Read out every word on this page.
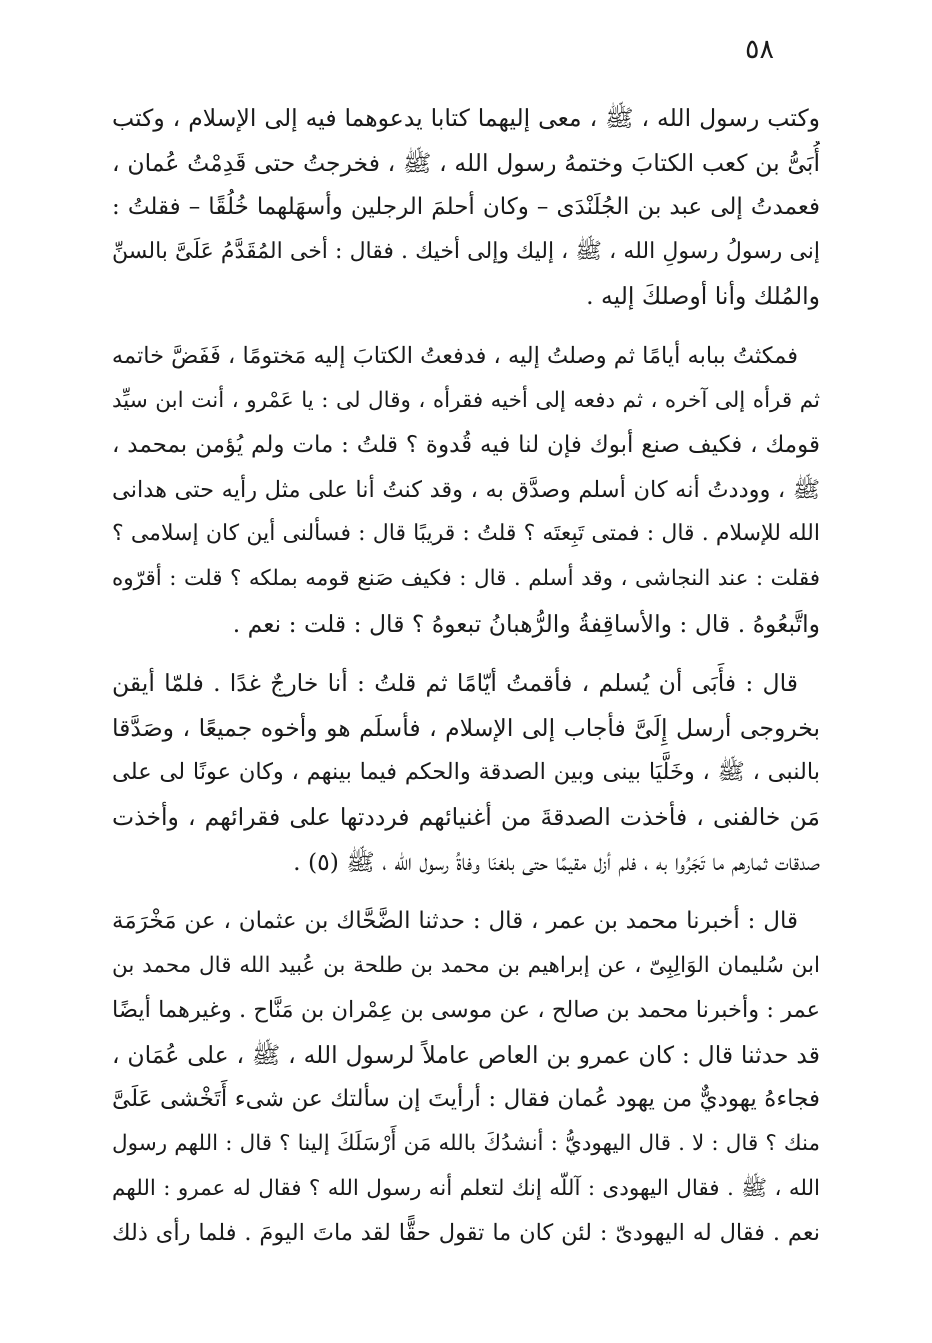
٥٨
وكتب رسول الله ، ﷺ ، معى إليهما كتابا يدعوهما فيه إلى الإسلام ، وكتب
أُبَىُّ بن كعب الكتابَ وختمهُ رسول الله ، ﷺ ، فخرجتُ حتى قَدِمْتُ عُمان ،
فعمدتُ إلى عبد بن الجُلَنْدَى – وكان أحلمَ الرجلين وأسهَلهما خُلُقًا – فقلتُ :
إنى رسولُ رسولِ الله ، ﷺ ، إليك وإلى أخيك . فقال : أخى المُقَدَّمُ عَلَىَّ بالسنِّ
والمُلك وأنا أوصلكَ إليه .
فمكثتُ ببابه أيامًا ثم وصلتُ إليه ، فدفعتُ الكتابَ إليه مَختومًا ، فَفَضَّ خاتمه
ثم قرأه إلى آخره ، ثم دفعه إلى أخيه فقرأه ، وقال لى : يا عَمْرو ، أنت ابن سيِّد
قومك ، فكيف صنع أبوك فإن لنا فيه قُدوة ؟ قلتُ : مات ولم يُؤمن بمحمد ،
ﷺ ، ووددتُ أنه كان أسلم وصدَّق به ، وقد كنتُ أنا على مثل رأيه حتى هدانى
الله للإسلام . قال : فمتى تَبِعتَه ؟ قلتُ : قريبًا قال : فسألنى أين كان إسلامى ؟
فقلت : عند النجاشى ، وقد أسلم . قال : فكيف صَنع قومه بملكه ؟ قلت : أقرّوه
واتَّبعُوهُ . قال : والأساقِفةُ والرُّهبانُ تبعوهُ ؟ قال : قلت : نعم .
قال : فأَبَى أن يُسلم ، فأقمتُ أيّامًا ثم قلتُ : أنا خارجٌ غدًا . فلمّا أيقن
بخروجى أرسل إِلَىَّ فأجاب إلى الإسلام ، فأسلَم هو وأخوه جميعًا ، وصَدَّقا
بالنبى ، ﷺ ، وخَلَّيَا بينى وبين الصدقة والحكم فيما بينهم ، وكان عونًا لى على
مَن خالفنى ، فأخذت الصدقةَ من أغنيائهم فرددتها على فقرائهم ، وأخذت
صدقات ثمارهم ما تَجَرُوا به ، فلم أزل مقيمًا حتى بلغنَا وفاةُ رسول الله ، ﷺ (٥) .
قال : أخبرنا محمد بن عمر ، قال : حدثنا الضَّحَّاك بن عثمان ، عن مَخْرَمَة
ابن سُليمان الوَالِبِىّ ، عن إبراهيم بن محمد بن طلحة بن عُبيد الله قال محمد بن
عمر : وأخبرنا محمد بن صالح ، عن موسى بن عِمْران بن مَنَّاح . وغيرهما أيضًا
قد حدثنا قال : كان عمرو بن العاص عاملاً لرسول الله ، ﷺ ، على عُمَان ،
فجاءهُ يهوديٌّ من يهود عُمان فقال : أرأيتَ إن سألتك عن شىء أَتَخْشى عَلَىَّ
منك ؟ قال : لا . قال اليهوديُّ : أنشدُكَ بالله مَن أَرْسَلَكَ إلينا ؟ قال : اللهم رسول
الله ، ﷺ . فقال اليهودى : آللّه إنك لتعلم أنه رسول الله ؟ فقال له عمرو : اللهم
نعم . فقال له اليهودىّ : لئن كان ما تقول حقًّا لقد ماتَ اليومَ . فلما رأى ذلك
